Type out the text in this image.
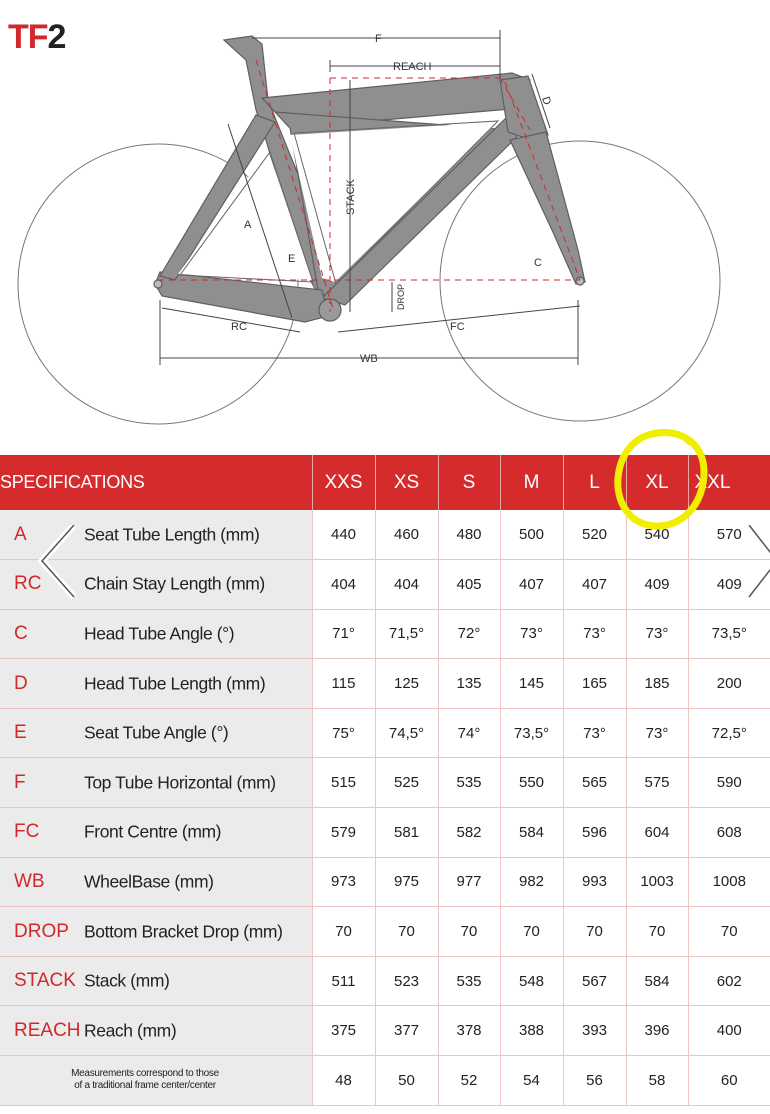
TF2	F
REACH
D
STACK
A
E	C
DROP
RC	FC
WB
SPECIFICATIONS	XXS	XS	S	M	L	XL	XXL

A Seat Tube Length (mm)	440	460	480	500	520	540	570

RC Chain Stay Length (mm)	404	404	405	407	407	409	409

C Head Tube Angle (°)	71°	71,5°	72°	73°	73°	73°	73,5°

D Head Tube Length (mm)	115	125	135	145	165	185	200

E Seat Tube Angle (°)	75°	74,5°	74°	73,5°	73°	73°	72,5°

F Top Tube Horizontal (mm)	515	525	535	550	565	575	590

FC Front Centre (mm)	579	581	582	584	596	604	608

WB WheelBase (mm)	973	975	977	982	993	1003	1008

DROP Bottom Bracket Drop (mm)	70	70	70	70	70	70	70

STACK Stack (mm)	511	523	535	548	567	584	602

REACH Reach (mm)	375	377	378	388	393	396	400

Measurements correspond to those
of a traditional frame center/center	48	50	52	54	56	58	60
